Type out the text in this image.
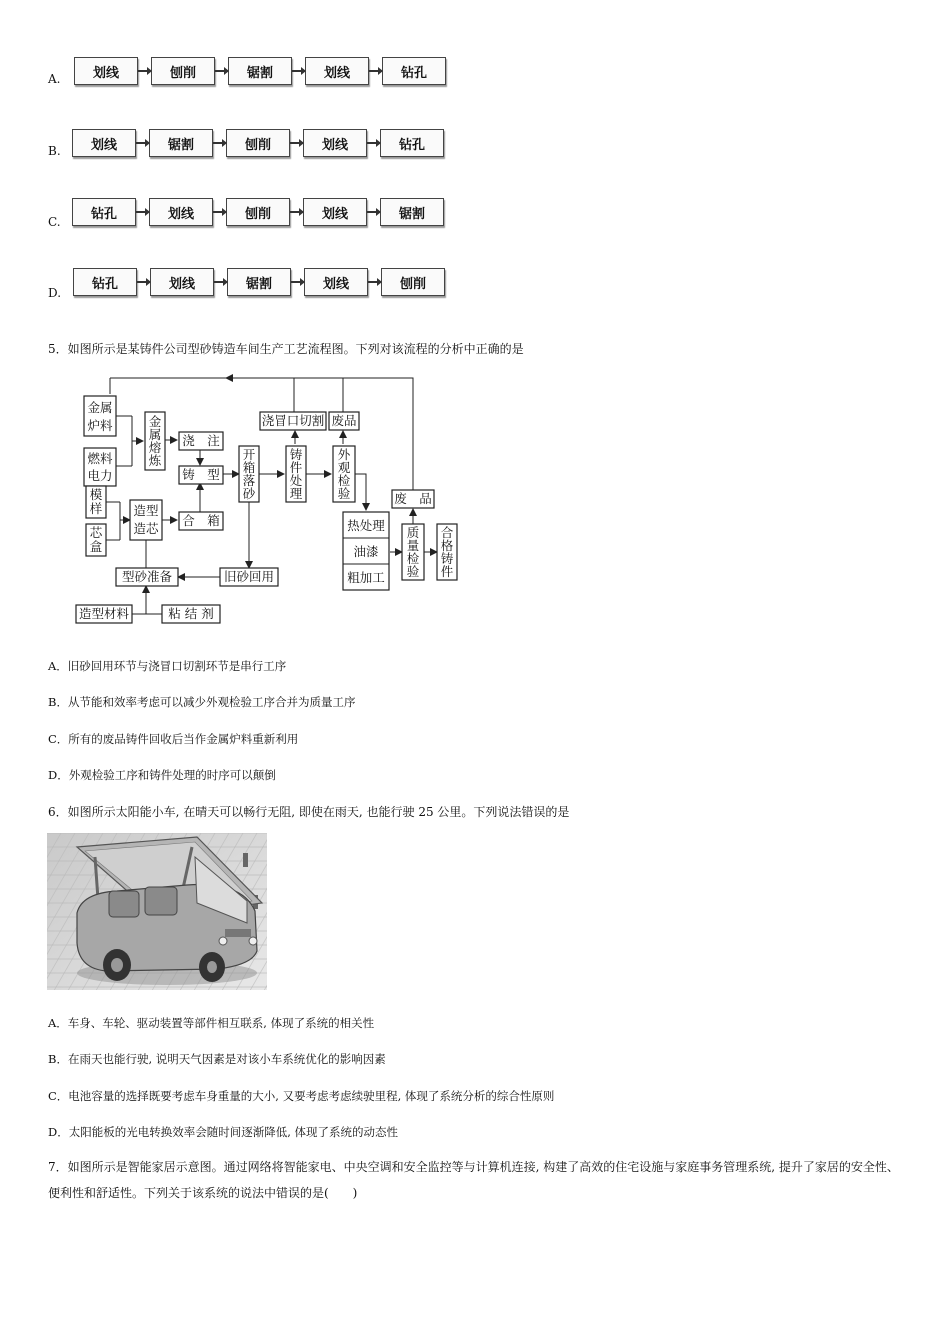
A.	划线	刨削	锯割	划线	钻孔
B.	划线	锯割	刨削	划线	钻孔
C.
钻孔	划线	刨削	划线	锯割
D.
钻孔	划线	锯割	划线	刨削
5．如图所示是某铸件公司型砂铸造车间生产工艺流程图。下列对该流程的分析中正确的是
金属
炉料
燃料
电力
金
属
熔
炼
浇　注
铸　型
模
样
芯
盒
造型
造芯
合　箱
开
箱
落
砂
浇冒口切割 废品
铸
件
处
理
外
观
检
验	废　品
热处理
油漆
粗加工
质
量
检
验
合
格
铸
件
型砂准备	旧砂回用
造型材料	粘 结 剂
A．旧砂回用环节与浇冒口切割环节是串行工序
B．从节能和效率考虑可以减少外观检验工序合并为质量工序
C．所有的废品铸件回收后当作金属炉料重新利用
D．外观检验工序和铸件处理的时序可以颠倒
6．如图所示太阳能小车, 在晴天可以畅行无阻, 即使在雨天, 也能行驶 25 公里。下列说法错误的是
A．车身、车轮、驱动装置等部件相互联系, 体现了系统的相关性
B．在雨天也能行驶, 说明天气因素是对该小车系统优化的影响因素
C．电池容量的选择既要考虑车身重量的大小, 又要考虑考虑续驶里程, 体现了系统分析的综合性原则
D．太阳能板的光电转换效率会随时间逐渐降低, 体现了系统的动态性
7．如图所示是智能家居示意图。通过网络将智能家电、中央空调和安全监控等与计算机连接, 构建了高效的住宅设施与家庭事务管理系统, 提升了家居的安全性、便利性和舒适性。下列关于该系统的说法中错误的是(　　)
